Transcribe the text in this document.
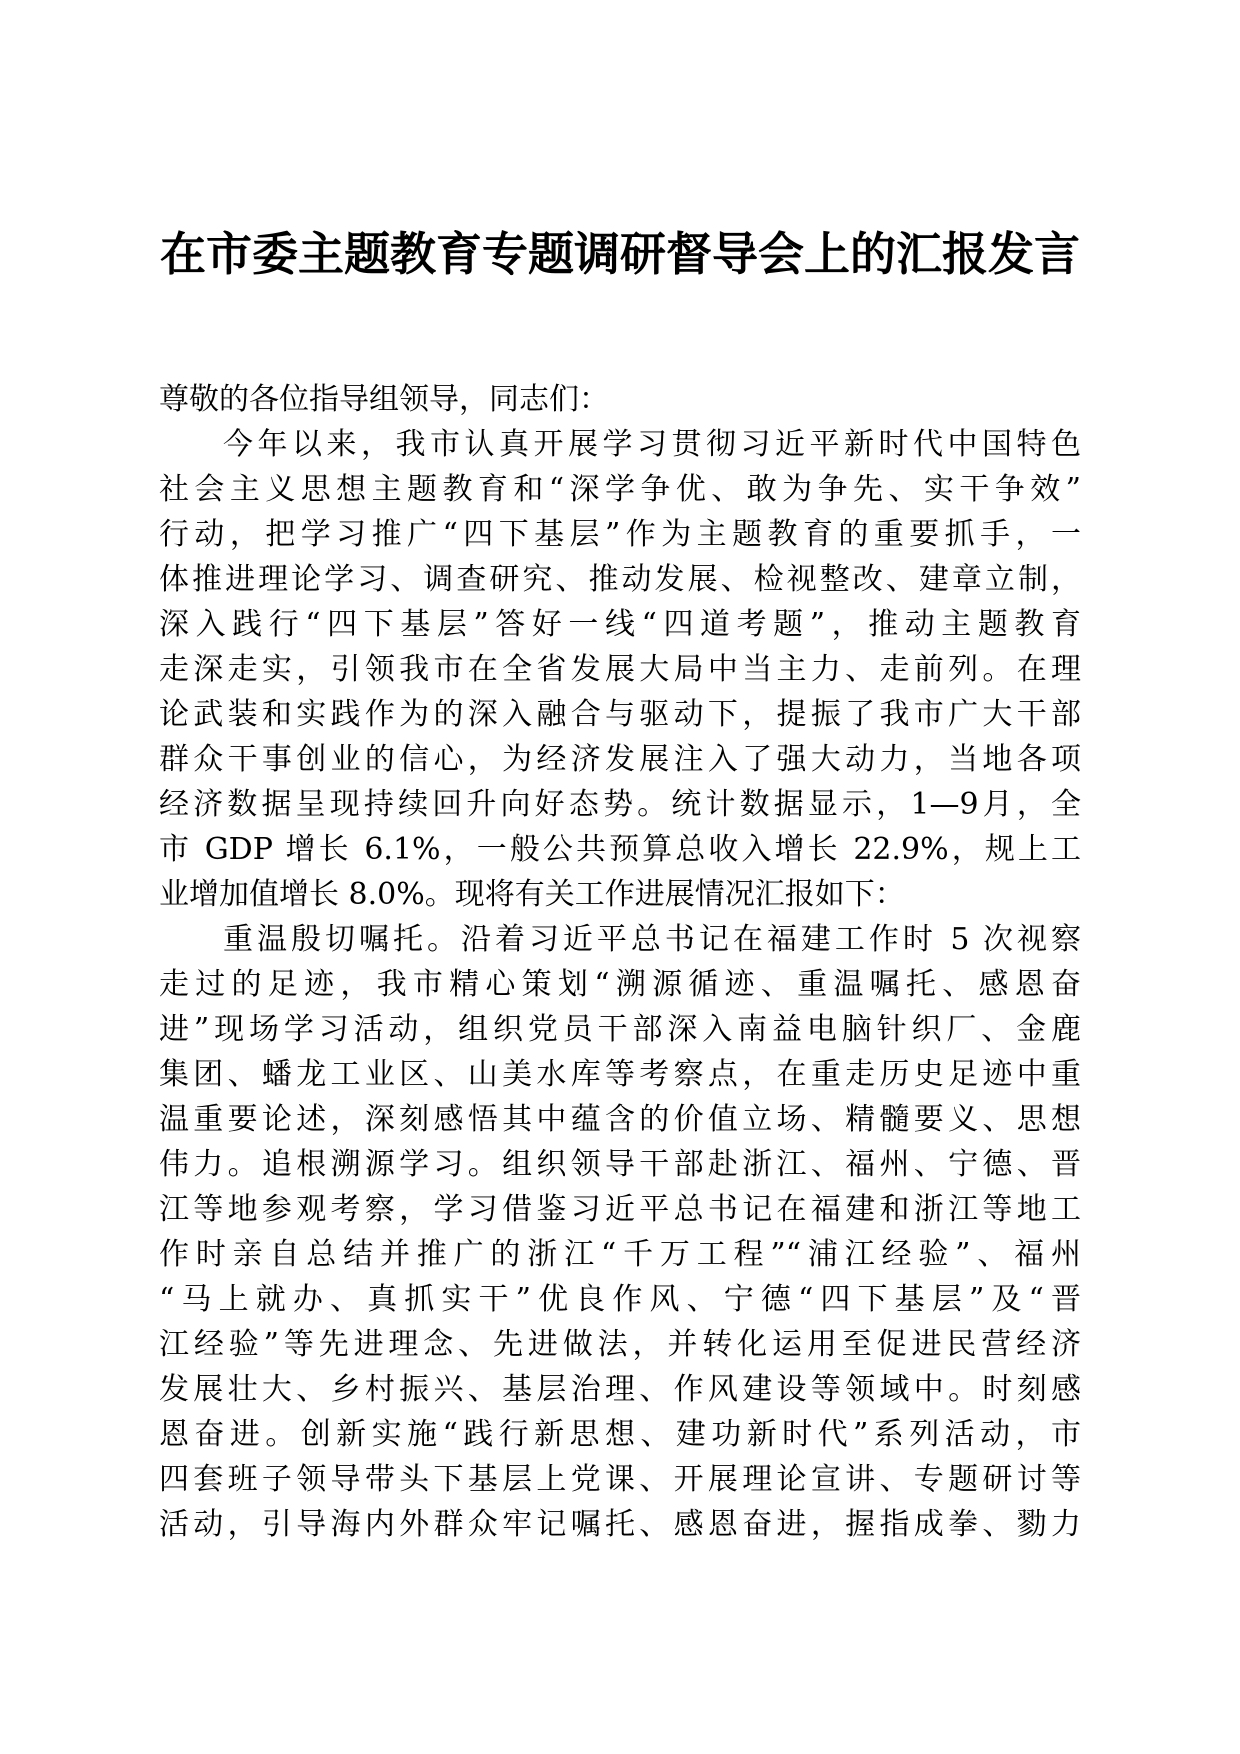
在市委主题教育专题调研督导会上的汇报发言
尊敬的各位指导组领导，同志们：
今年以来，我市认真开展学习贯彻习近平新时代中国特色
社会主义思想主题教育和“深学争优、敢为争先、实干争效”
行动，把学习推广“四下基层”作为主题教育的重要抓手，一
体推进理论学习、调查研究、推动发展、检视整改、建章立制，
深入践行“四下基层”答好一线“四道考题”，推动主题教育
走深走实，引领我市在全省发展大局中当主力、走前列。在理
论武装和实践作为的深入融合与驱动下，提振了我市广大干部
群众干事创业的信心，为经济发展注入了强大动力，当地各项
经济数据呈现持续回升向好态势。统计数据显示，1—9月，全
市 GDP 增长 6.1%，一般公共预算总收入增长 22.9%，规上工
业增加值增长 8.0%。现将有关工作进展情况汇报如下：
重温殷切嘱托。沿着习近平总书记在福建工作时 5 次视察
走过的足迹，我市精心策划“溯源循迹、重温嘱托、感恩奋
进”现场学习活动，组织党员干部深入南益电脑针织厂、金鹿
集团、蟠龙工业区、山美水库等考察点，在重走历史足迹中重
温重要论述，深刻感悟其中蕴含的价值立场、精髓要义、思想
伟力。追根溯源学习。组织领导干部赴浙江、福州、宁德、晋
江等地参观考察，学习借鉴习近平总书记在福建和浙江等地工
作时亲自总结并推广的浙江“千万工程”“浦江经验”、福州
“马上就办、真抓实干”优良作风、宁德“四下基层”及“晋
江经验”等先进理念、先进做法，并转化运用至促进民营经济
发展壮大、乡村振兴、基层治理、作风建设等领域中。时刻感
恩奋进。创新实施“践行新思想、建功新时代”系列活动，市
四套班子领导带头下基层上党课、开展理论宣讲、专题研讨等
活动，引导海内外群众牢记嘱托、感恩奋进，握指成拳、勠力
